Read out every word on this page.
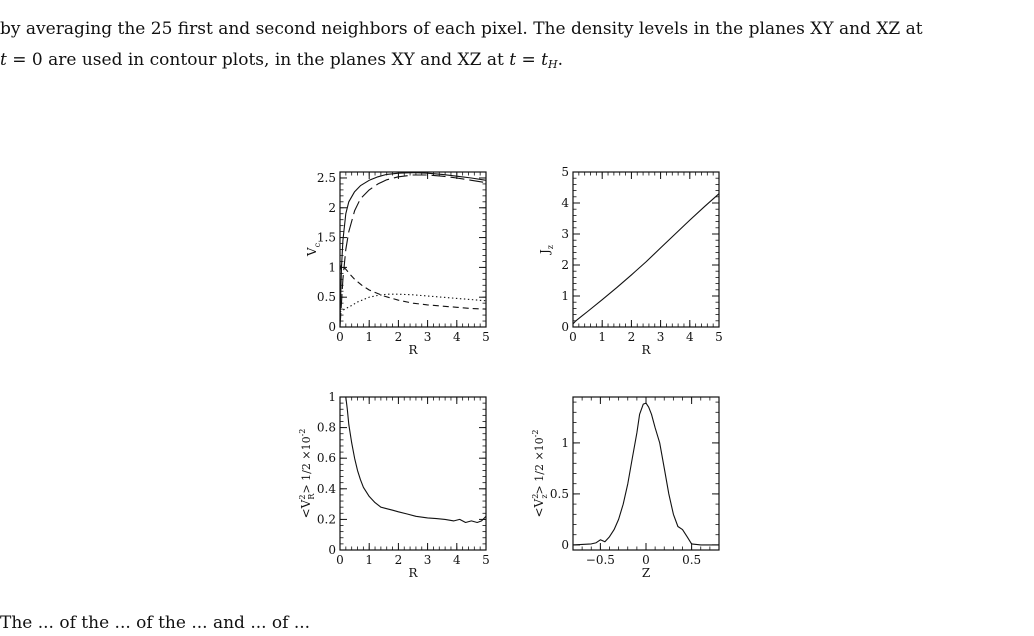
by averaging the 25 first and second neighbors of each pixel. The density levels in the planes XY and XZ at

t = 0 are used in contour plots, in the planes XY and XZ at $t = t_H$.

0 1 2 3 4 5
0
0.5
1
1.5
2
2.5
R
$V_c$
0 1 2 3 4 5
0
1
2
3
4
5
R
$J_z$
0 1 2 3 4 5
0
0.2
0.4
0.6
0.8
1
R
$<V^2R> 1/2 \times 10^{-2}$
−0.5 0	0.5
0
0.5
1
Z
$<V^2z> 1/2 \times 10^{-2}$
The ... of the ... of the ... and ... of ...
